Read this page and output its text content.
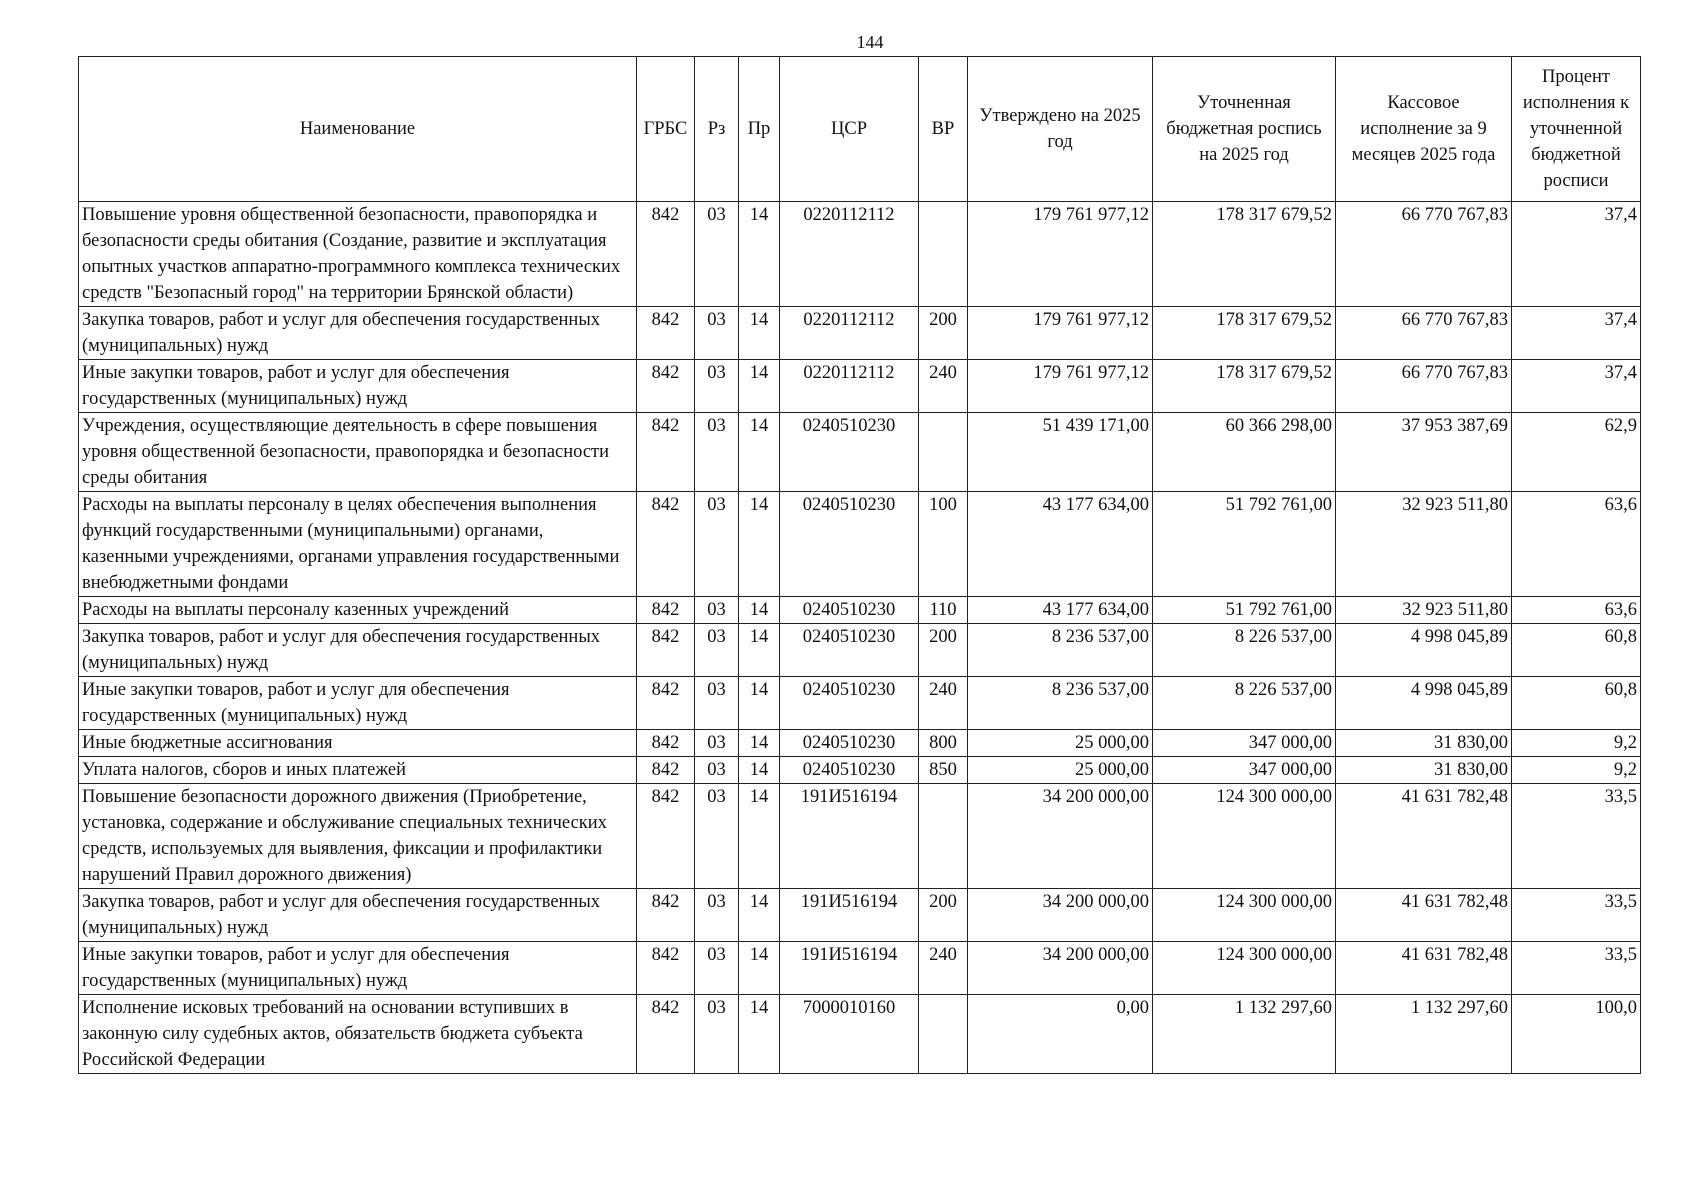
144
Наименование	ГРБС	Рз	Пр	ЦСР	ВР	Утверждено на 2025 год	Уточненная бюджетная роспись на 2025 год	Кассовое исполнение за 9 месяцев 2025 года	Процент исполнения к уточненной бюджетной росписи
Повышение уровня общественной безопасности, правопорядка и безопасности среды обитания (Создание, развитие и эксплуатация опытных участков аппаратно-программного комплекса технических средств "Безопасный город" на территории Брянской области)	842	03	14	0220112112		179 761 977,12	178 317 679,52	66 770 767,83	37,4
Закупка товаров, работ и услуг для обеспечения государственных (муниципальных) нужд	842	03	14	0220112112	200	179 761 977,12	178 317 679,52	66 770 767,83	37,4
Иные закупки товаров, работ и услуг для обеспечения государственных (муниципальных) нужд	842	03	14	0220112112	240	179 761 977,12	178 317 679,52	66 770 767,83	37,4
Учреждения, осуществляющие деятельность в сфере повышения уровня общественной безопасности, правопорядка и безопасности среды обитания	842	03	14	0240510230		51 439 171,00	60 366 298,00	37 953 387,69	62,9
Расходы на выплаты персоналу в целях обеспечения выполнения функций государственными (муниципальными) органами, казенными учреждениями, органами управления государственными внебюджетными фондами	842	03	14	0240510230	100	43 177 634,00	51 792 761,00	32 923 511,80	63,6
Расходы на выплаты персоналу казенных учреждений	842	03	14	0240510230	110	43 177 634,00	51 792 761,00	32 923 511,80	63,6
Закупка товаров, работ и услуг для обеспечения государственных (муниципальных) нужд	842	03	14	0240510230	200	8 236 537,00	8 226 537,00	4 998 045,89	60,8
Иные закупки товаров, работ и услуг для обеспечения государственных (муниципальных) нужд	842	03	14	0240510230	240	8 236 537,00	8 226 537,00	4 998 045,89	60,8
Иные бюджетные ассигнования	842	03	14	0240510230	800	25 000,00	347 000,00	31 830,00	9,2
Уплата налогов, сборов и иных платежей	842	03	14	0240510230	850	25 000,00	347 000,00	31 830,00	9,2
Повышение безопасности дорожного движения (Приобретение, установка, содержание и обслуживание специальных технических средств, используемых для выявления, фиксации и профилактики нарушений Правил дорожного движения)	842	03	14	191И516194		34 200 000,00	124 300 000,00	41 631 782,48	33,5
Закупка товаров, работ и услуг для обеспечения государственных (муниципальных) нужд	842	03	14	191И516194	200	34 200 000,00	124 300 000,00	41 631 782,48	33,5
Иные закупки товаров, работ и услуг для обеспечения государственных (муниципальных) нужд	842	03	14	191И516194	240	34 200 000,00	124 300 000,00	41 631 782,48	33,5
Исполнение исковых требований на основании вступивших в законную силу судебных актов, обязательств бюджета субъекта Российской Федерации	842	03	14	7000010160		0,00	1 132 297,60	1 132 297,60	100,0
